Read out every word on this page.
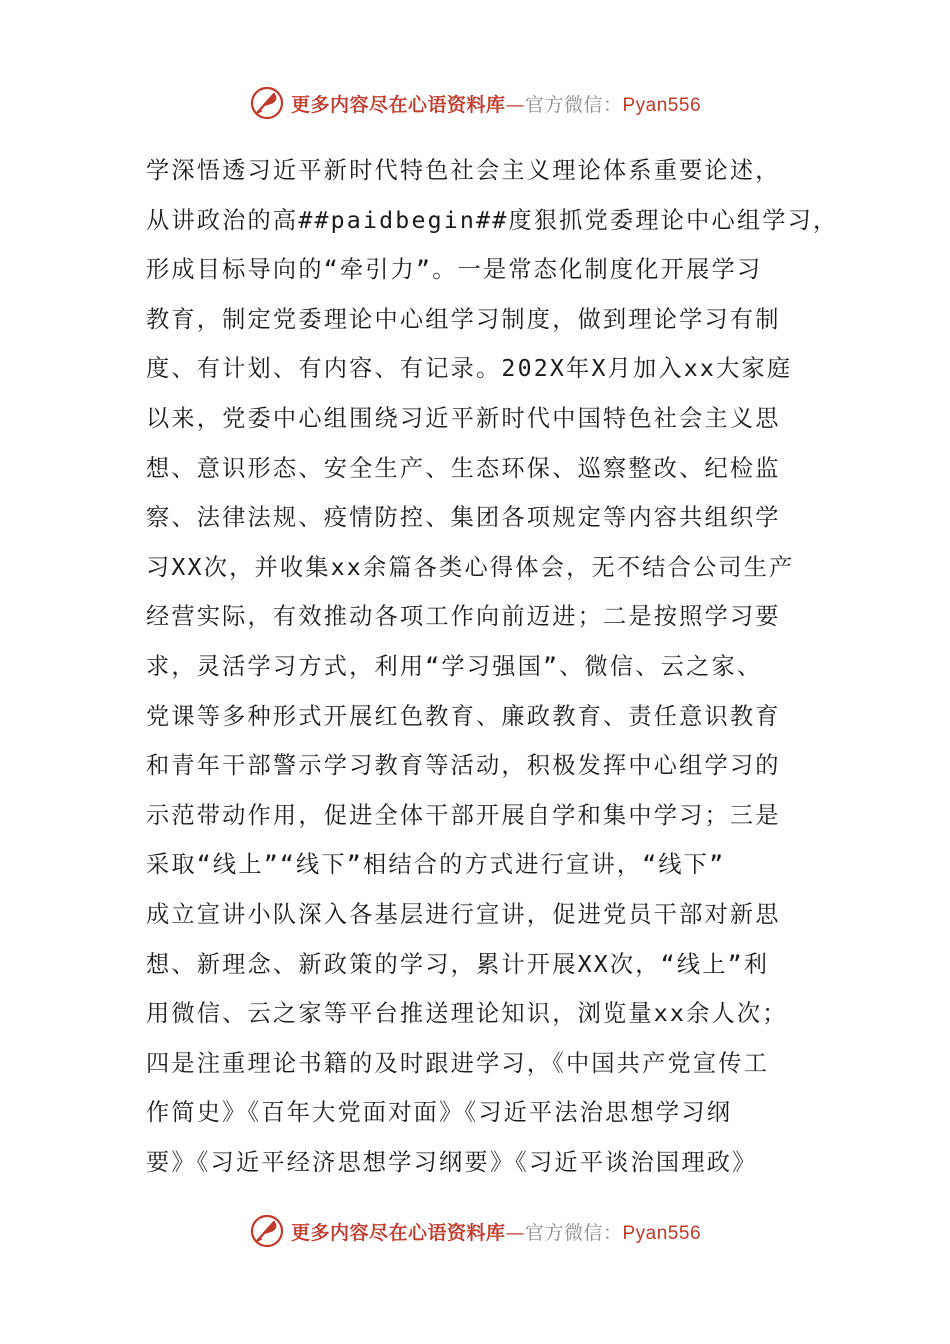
更多内容尽在心语资料库—官方微信：Pyan556
学深悟透习近平新时代特色社会主义理论体系重要论述，
从讲政治的高##paidbegin##度狠抓党委理论中心组学习，
形成目标导向的“牵引力”。一是常态化制度化开展学习
教育，制定党委理论中心组学习制度，做到理论学习有制
度、有计划、有内容、有记录。202X年X月加入xx大家庭
以来，党委中心组围绕习近平新时代中国特色社会主义思
想、意识形态、安全生产、生态环保、巡察整改、纪检监
察、法律法规、疫情防控、集团各项规定等内容共组织学
习XX次，并收集xx余篇各类心得体会，无不结合公司生产
经营实际，有效推动各项工作向前迈进；二是按照学习要
求，灵活学习方式，利用“学习强国”、微信、云之家、
党课等多种形式开展红色教育、廉政教育、责任意识教育
和青年干部警示学习教育等活动，积极发挥中心组学习的
示范带动作用，促进全体干部开展自学和集中学习；三是
采取“线上”“线下”相结合的方式进行宣讲，“线下”
成立宣讲小队深入各基层进行宣讲，促进党员干部对新思
想、新理念、新政策的学习，累计开展XX次，“线上”利
用微信、云之家等平台推送理论知识，浏览量xx余人次；
四是注重理论书籍的及时跟进学习，《中国共产党宣传工
作简史》《百年大党面对面》《习近平法治思想学习纲
要》《习近平经济思想学习纲要》《习近平谈治国理政》
更多内容尽在心语资料库—官方微信：Pyan556
